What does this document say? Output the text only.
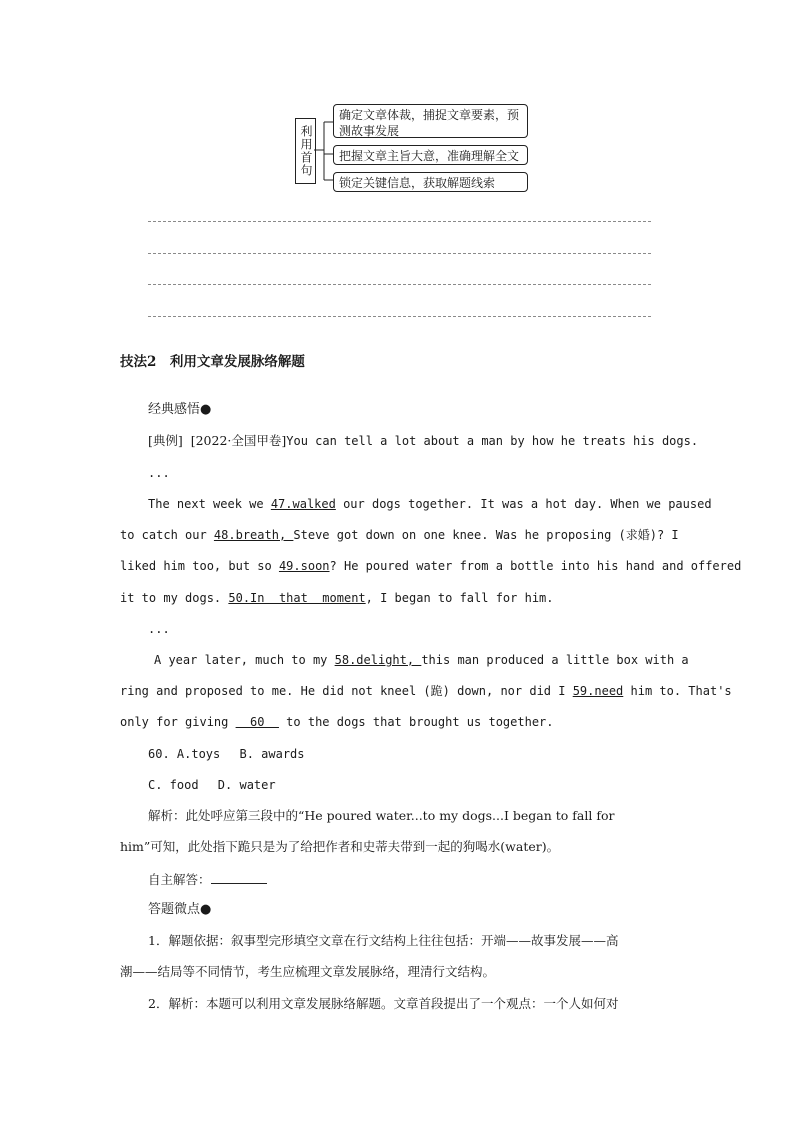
利用首句
确定文章体裁，捕捉文章要素，预测故事发展
把握文章主旨大意，准确理解全文
锁定关键信息，获取解题线索
技法2　利用文章发展脉络解题
经典感悟●
[典例] [2022·全国甲卷]You can tell a lot about a man by how he treats his dogs.
...
The next week we 47.walked our dogs together. It was a hot day. When we paused
to catch our 48.breath, Steve got down on one knee. Was he proposing (求婚)? I
liked him too, but so 49.soon? He poured water from a bottle into his hand and offered
it to my dogs. 50.In  that  moment, I began to fall for him.
...
A year later, much to my 58.delight, this man produced a little box with a
ring and proposed to me. He did not kneel (跪) down, nor did I 59.need him to. That's
only for giving   60   to the dogs that brought us together.
60. A.toys　 B. awards
C. food　 D. water
解析：此处呼应第三段中的“He poured water...to my dogs...I began to fall for
him”可知，此处指下跪只是为了给把作者和史蒂夫带到一起的狗喝水(water)。
自主解答：
答题微点●
1．解题依据：叙事型完形填空文章在行文结构上往往包括：开端——故事发展——高
潮——结局等不同情节，考生应梳理文章发展脉络，理清行文结构。
2．解析：本题可以利用文章发展脉络解题。文章首段提出了一个观点：一个人如何对
